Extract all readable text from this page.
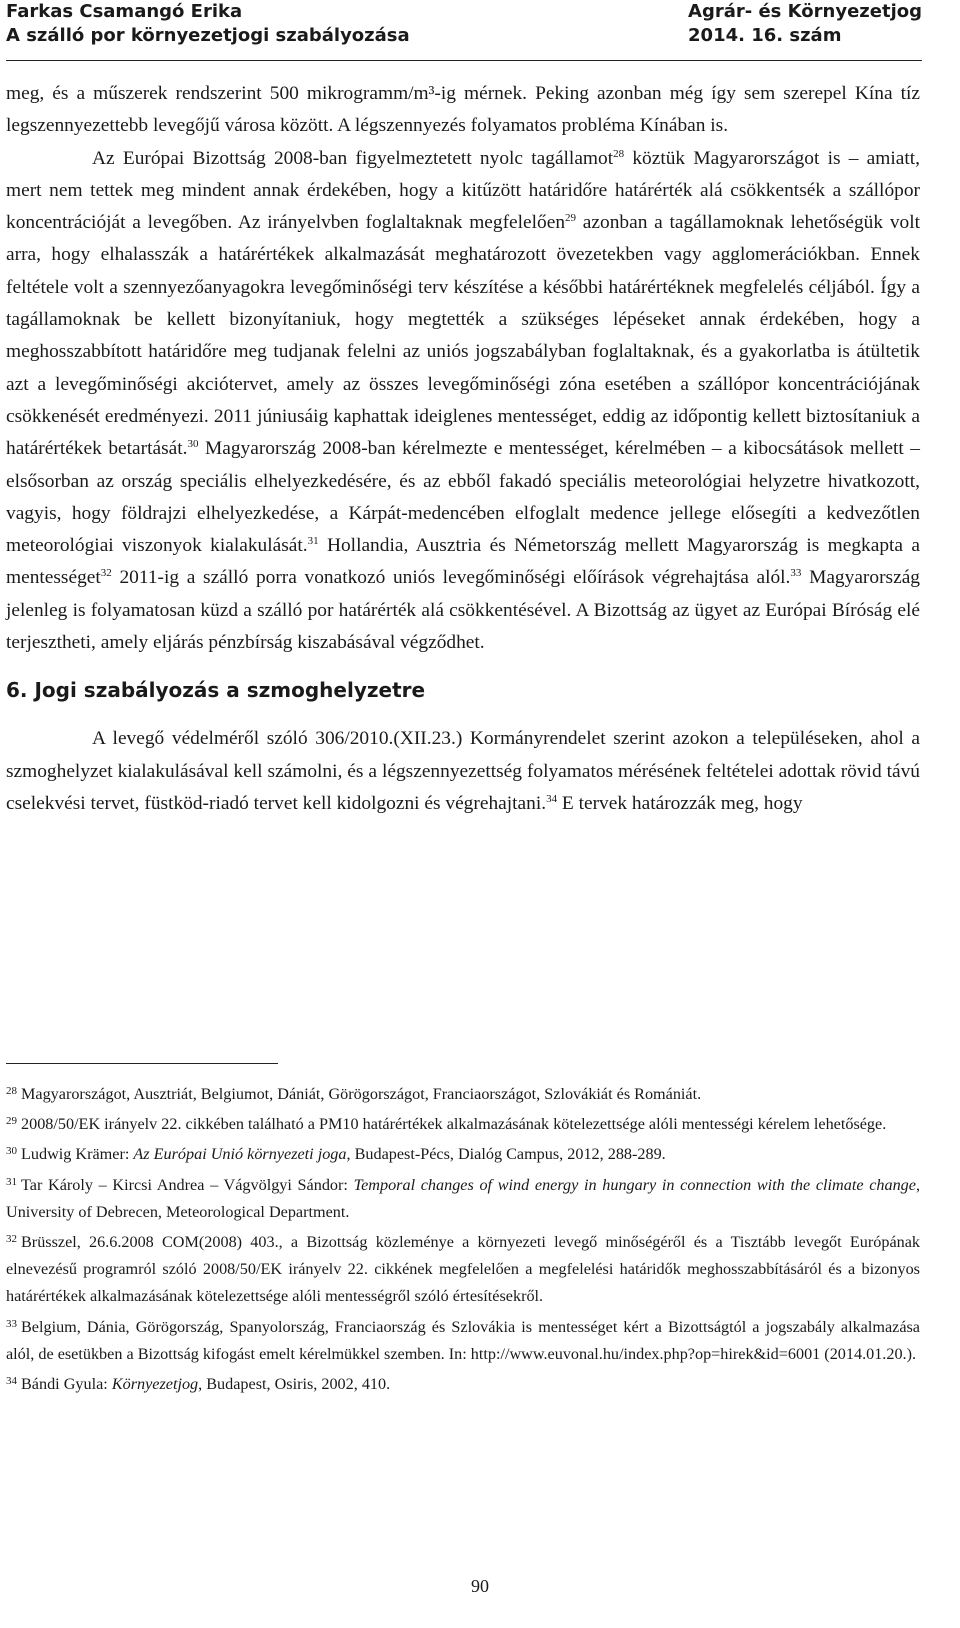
Farkas Csamangó Erika
A szálló por környezetjogi szabályozása
Agrár- és Környezetjog
2014. 16. szám

meg, és a műszerek rendszerint 500 mikrogramm/m³-ig mérnek. Peking azonban még így sem szerepel Kína tíz legszennyezettebb levegőjű városa között. A légszennyezés folyamatos probléma Kínában is.

Az Európai Bizottság 2008-ban figyelmeztetett nyolc tagállamot$^{28}$ köztük Magyarországot is – amiatt, mert nem tettek meg mindent annak érdekében, hogy a kitűzött határidőre határérték alá csökkentsék a szállópor koncentrációját a levegőben. Az irányelvben foglaltaknak megfelelően$^{29}$ azonban a tagállamoknak lehetőségük volt arra, hogy elhalasszák a határértékek alkalmazását meghatározott övezetekben vagy agglomerációkban. Ennek feltétele volt a szennyezőanyagokra levegőminőségi terv készítése a későbbi határértéknek megfelelés céljából. Így a tagállamoknak be kellett bizonyítaniuk, hogy megtették a szükséges lépéseket annak érdekében, hogy a meghosszabbított határidőre meg tudjanak felelni az uniós jogszabályban foglaltaknak, és a gyakorlatba is átültetik azt a levegőminőségi akciótervet, amely az összes levegőminőségi zóna esetében a szállópor koncentrációjának csökkenését eredményezi. 2011 júniusáig kaphattak ideiglenes mentességet, eddig az időpontig kellett biztosítaniuk a határértékek betartását.$^{30}$ Magyarország 2008-ban kérelmezte e mentességet, kérelmében – a kibocsátások mellett – elsősorban az ország speciális elhelyezkedésére, és az ebből fakadó speciális meteorológiai helyzetre hivatkozott, vagyis, hogy földrajzi elhelyezkedése, a Kárpát-medencében elfoglalt medence jellege elősegíti a kedvezőtlen meteorológiai viszonyok kialakulását.$^{31}$ Hollandia, Ausztria és Németország mellett Magyarország is megkapta a mentességet$^{32}$ 2011-ig a szálló porra vonatkozó uniós levegőminőségi előírások végrehajtása alól.$^{33}$ Magyarország jelenleg is folyamatosan küzd a szálló por határérték alá csökkentésével. A Bizottság az ügyet az Európai Bíróság elé terjesztheti, amely eljárás pénzbírság kiszabásával végződhet.

6. Jogi szabályozás a szmoghelyzetre

A levegő védelméről szóló 306/2010.(XII.23.) Kormányrendelet szerint azokon a településeken, ahol a szmoghelyzet kialakulásával kell számolni, és a légszennyezettség folyamatos mérésének feltételei adottak rövid távú cselekvési tervet, füstköd-riadó tervet kell kidolgozni és végrehajtani.$^{34}$ E tervek határozzák meg, hogy

$^{28}$ Magyarországot, Ausztriát, Belgiumot, Dániát, Görögországot, Franciaországot, Szlovákiát és Romániát.

$^{29}$ 2008/50/EK irányelv 22. cikkében található a PM10 határértékek alkalmazásának kötelezettsége alóli mentességi kérelem lehetősége.

$^{30}$ Ludwig Krämer: Az Európai Unió környezeti joga, Budapest-Pécs, Dialóg Campus, 2012, 288-289.

$^{31}$ Tar Károly – Kircsi Andrea – Vágvölgyi Sándor: Temporal changes of wind energy in hungary in connection with the climate change, University of Debrecen, Meteorological Department.

$^{32}$ Brüsszel, 26.6.2008 COM(2008) 403., a Bizottság közleménye a környezeti levegő minőségéről és a Tisztább levegőt Európának elnevezésű programról szóló 2008/50/EK irányelv 22. cikkének megfelelően a megfelelési határidők meghosszabbításáról és a bizonyos határértékek alkalmazásának kötelezettsége alóli mentességről szóló értesítésekről.

$^{33}$ Belgium, Dánia, Görögország, Spanyolország, Franciaország és Szlovákia is mentességet kért a Bizottságtól a jogszabály alkalmazása alól, de esetükben a Bizottság kifogást emelt kérelmükkel szemben. In: http://www.euvonal.hu/index.php?op=hirek&id=6001 (2014.01.20.).

$^{34}$ Bándi Gyula: Környezetjog, Budapest, Osiris, 2002, 410.

90
